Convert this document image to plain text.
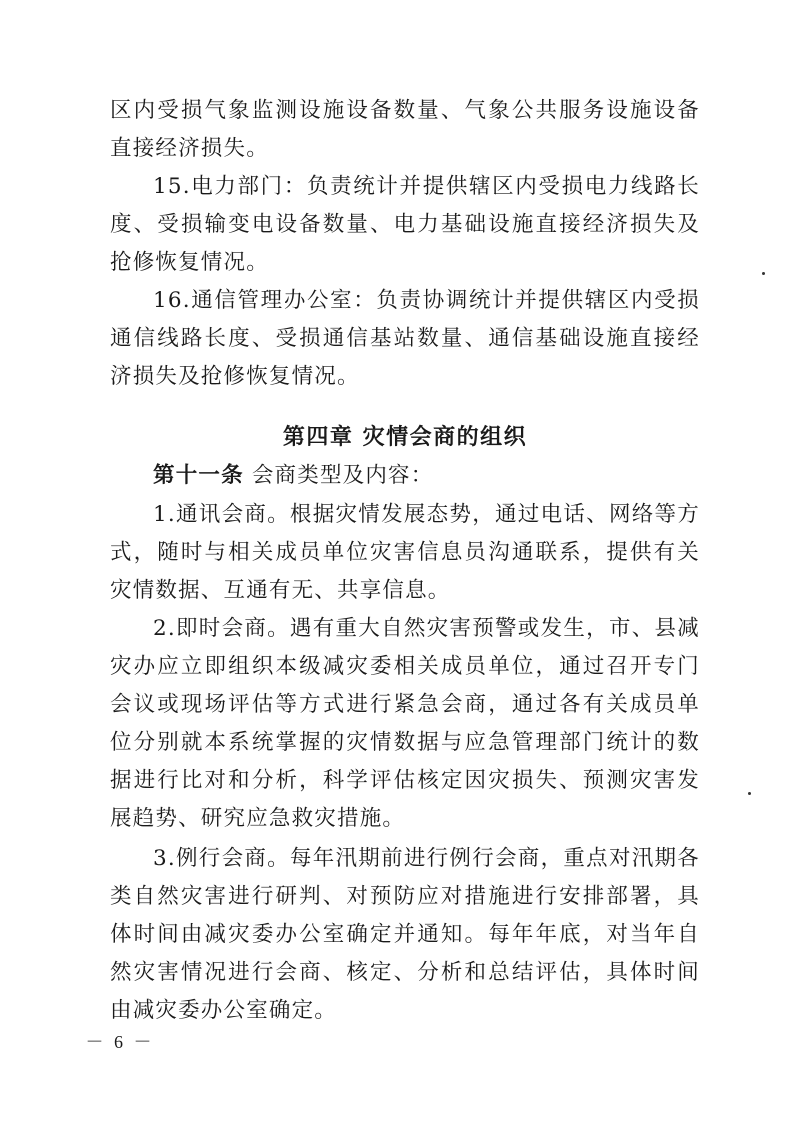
区内受损气象监测设施设备数量、气象公共服务设施设备直接经济损失。

15.电力部门：负责统计并提供辖区内受损电力线路长度、受损输变电设备数量、电力基础设施直接经济损失及抢修恢复情况。

16.通信管理办公室：负责协调统计并提供辖区内受损通信线路长度、受损通信基站数量、通信基础设施直接经济损失及抢修恢复情况。

第四章 灾情会商的组织

第十一条 会商类型及内容：

1.通讯会商。根据灾情发展态势，通过电话、网络等方式，随时与相关成员单位灾害信息员沟通联系，提供有关灾情数据、互通有无、共享信息。

2.即时会商。遇有重大自然灾害预警或发生，市、县减灾办应立即组织本级减灾委相关成员单位，通过召开专门会议或现场评估等方式进行紧急会商，通过各有关成员单位分别就本系统掌握的灾情数据与应急管理部门统计的数据进行比对和分析，科学评估核定因灾损失、预测灾害发展趋势、研究应急救灾措施。

3.例行会商。每年汛期前进行例行会商，重点对汛期各类自然灾害进行研判、对预防应对措施进行安排部署，具体时间由减灾委办公室确定并通知。每年年底，对当年自然灾害情况进行会商、核定、分析和总结评估，具体时间由减灾委办公室确定。

－ 6 －
